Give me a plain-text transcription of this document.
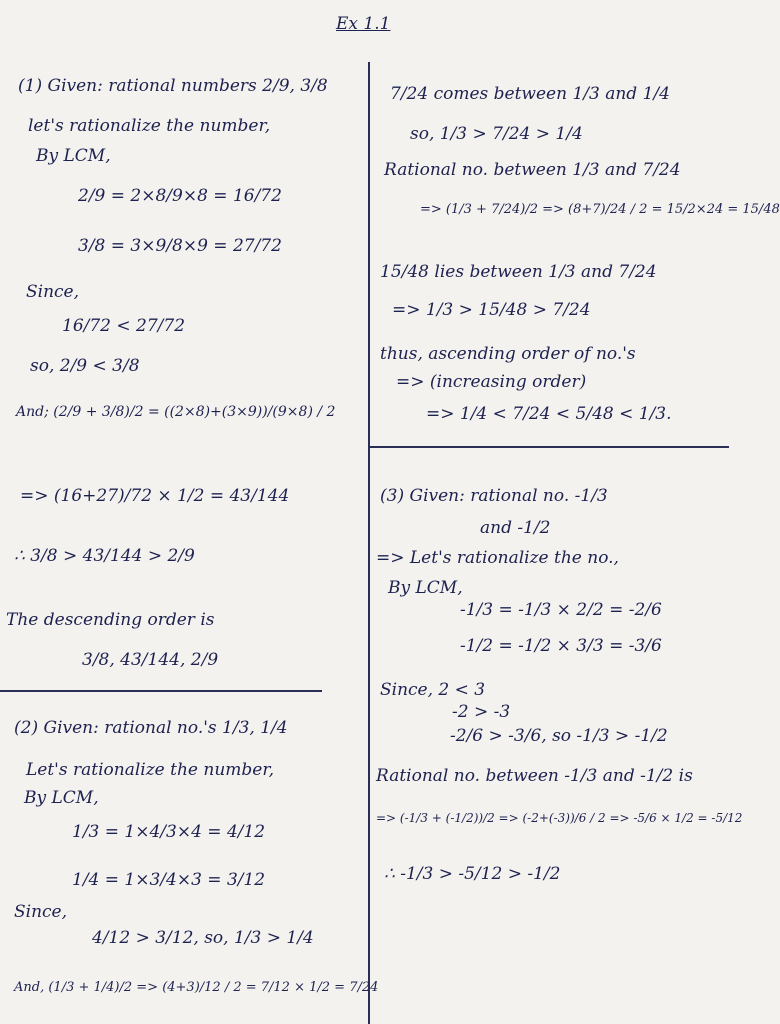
Ex 1.1
(1) Given: rational numbers 2/9, 3/8
let's rationalize the number,
By LCM,
2/9 = 2×8/9×8 = 16/72
3/8 = 3×9/8×9 = 27/72
Since,
16/72 < 27/72
so, 2/9 < 3/8
And; (2/9 + 3/8)/2 = ((2×8)+(3×9))/(9×8) / 2
=> (16+27)/72 × 1/2 = 43/144
∴ 3/8 > 43/144 > 2/9
The descending order is
3/8, 43/144, 2/9
(2) Given: rational no.'s 1/3, 1/4
Let's rationalize the number,
By LCM,
1/3 = 1×4/3×4 = 4/12
1/4 = 1×3/4×3 = 3/12
Since,
4/12 > 3/12, so, 1/3 > 1/4
And, (1/3 + 1/4)/2 => (4+3)/12 / 2 = 7/12 × 1/2 = 7/24
7/24 comes between 1/3 and 1/4
so, 1/3 > 7/24 > 1/4
Rational no. between 1/3 and 7/24
=> (1/3 + 7/24)/2 => (8+7)/24 / 2 = 15/2×24 = 15/48
15/48 lies between 1/3 and 7/24
=> 1/3 > 15/48 > 7/24
thus, ascending order of no.'s
=> (increasing order)
=> 1/4 < 7/24 < 5/48 < 1/3.
(3) Given: rational no. -1/3
and -1/2
=> Let's rationalize the no.,
By LCM,
-1/3 = -1/3 × 2/2 = -2/6
-1/2 = -1/2 × 3/3 = -3/6
Since, 2 < 3
-2 > -3
-2/6 > -3/6, so -1/3 > -1/2
Rational no. between -1/3 and -1/2 is
=> (-1/3 + (-1/2))/2 => (-2+(-3))/6 / 2 => -5/6 × 1/2 = -5/12
∴ -1/3 > -5/12 > -1/2
